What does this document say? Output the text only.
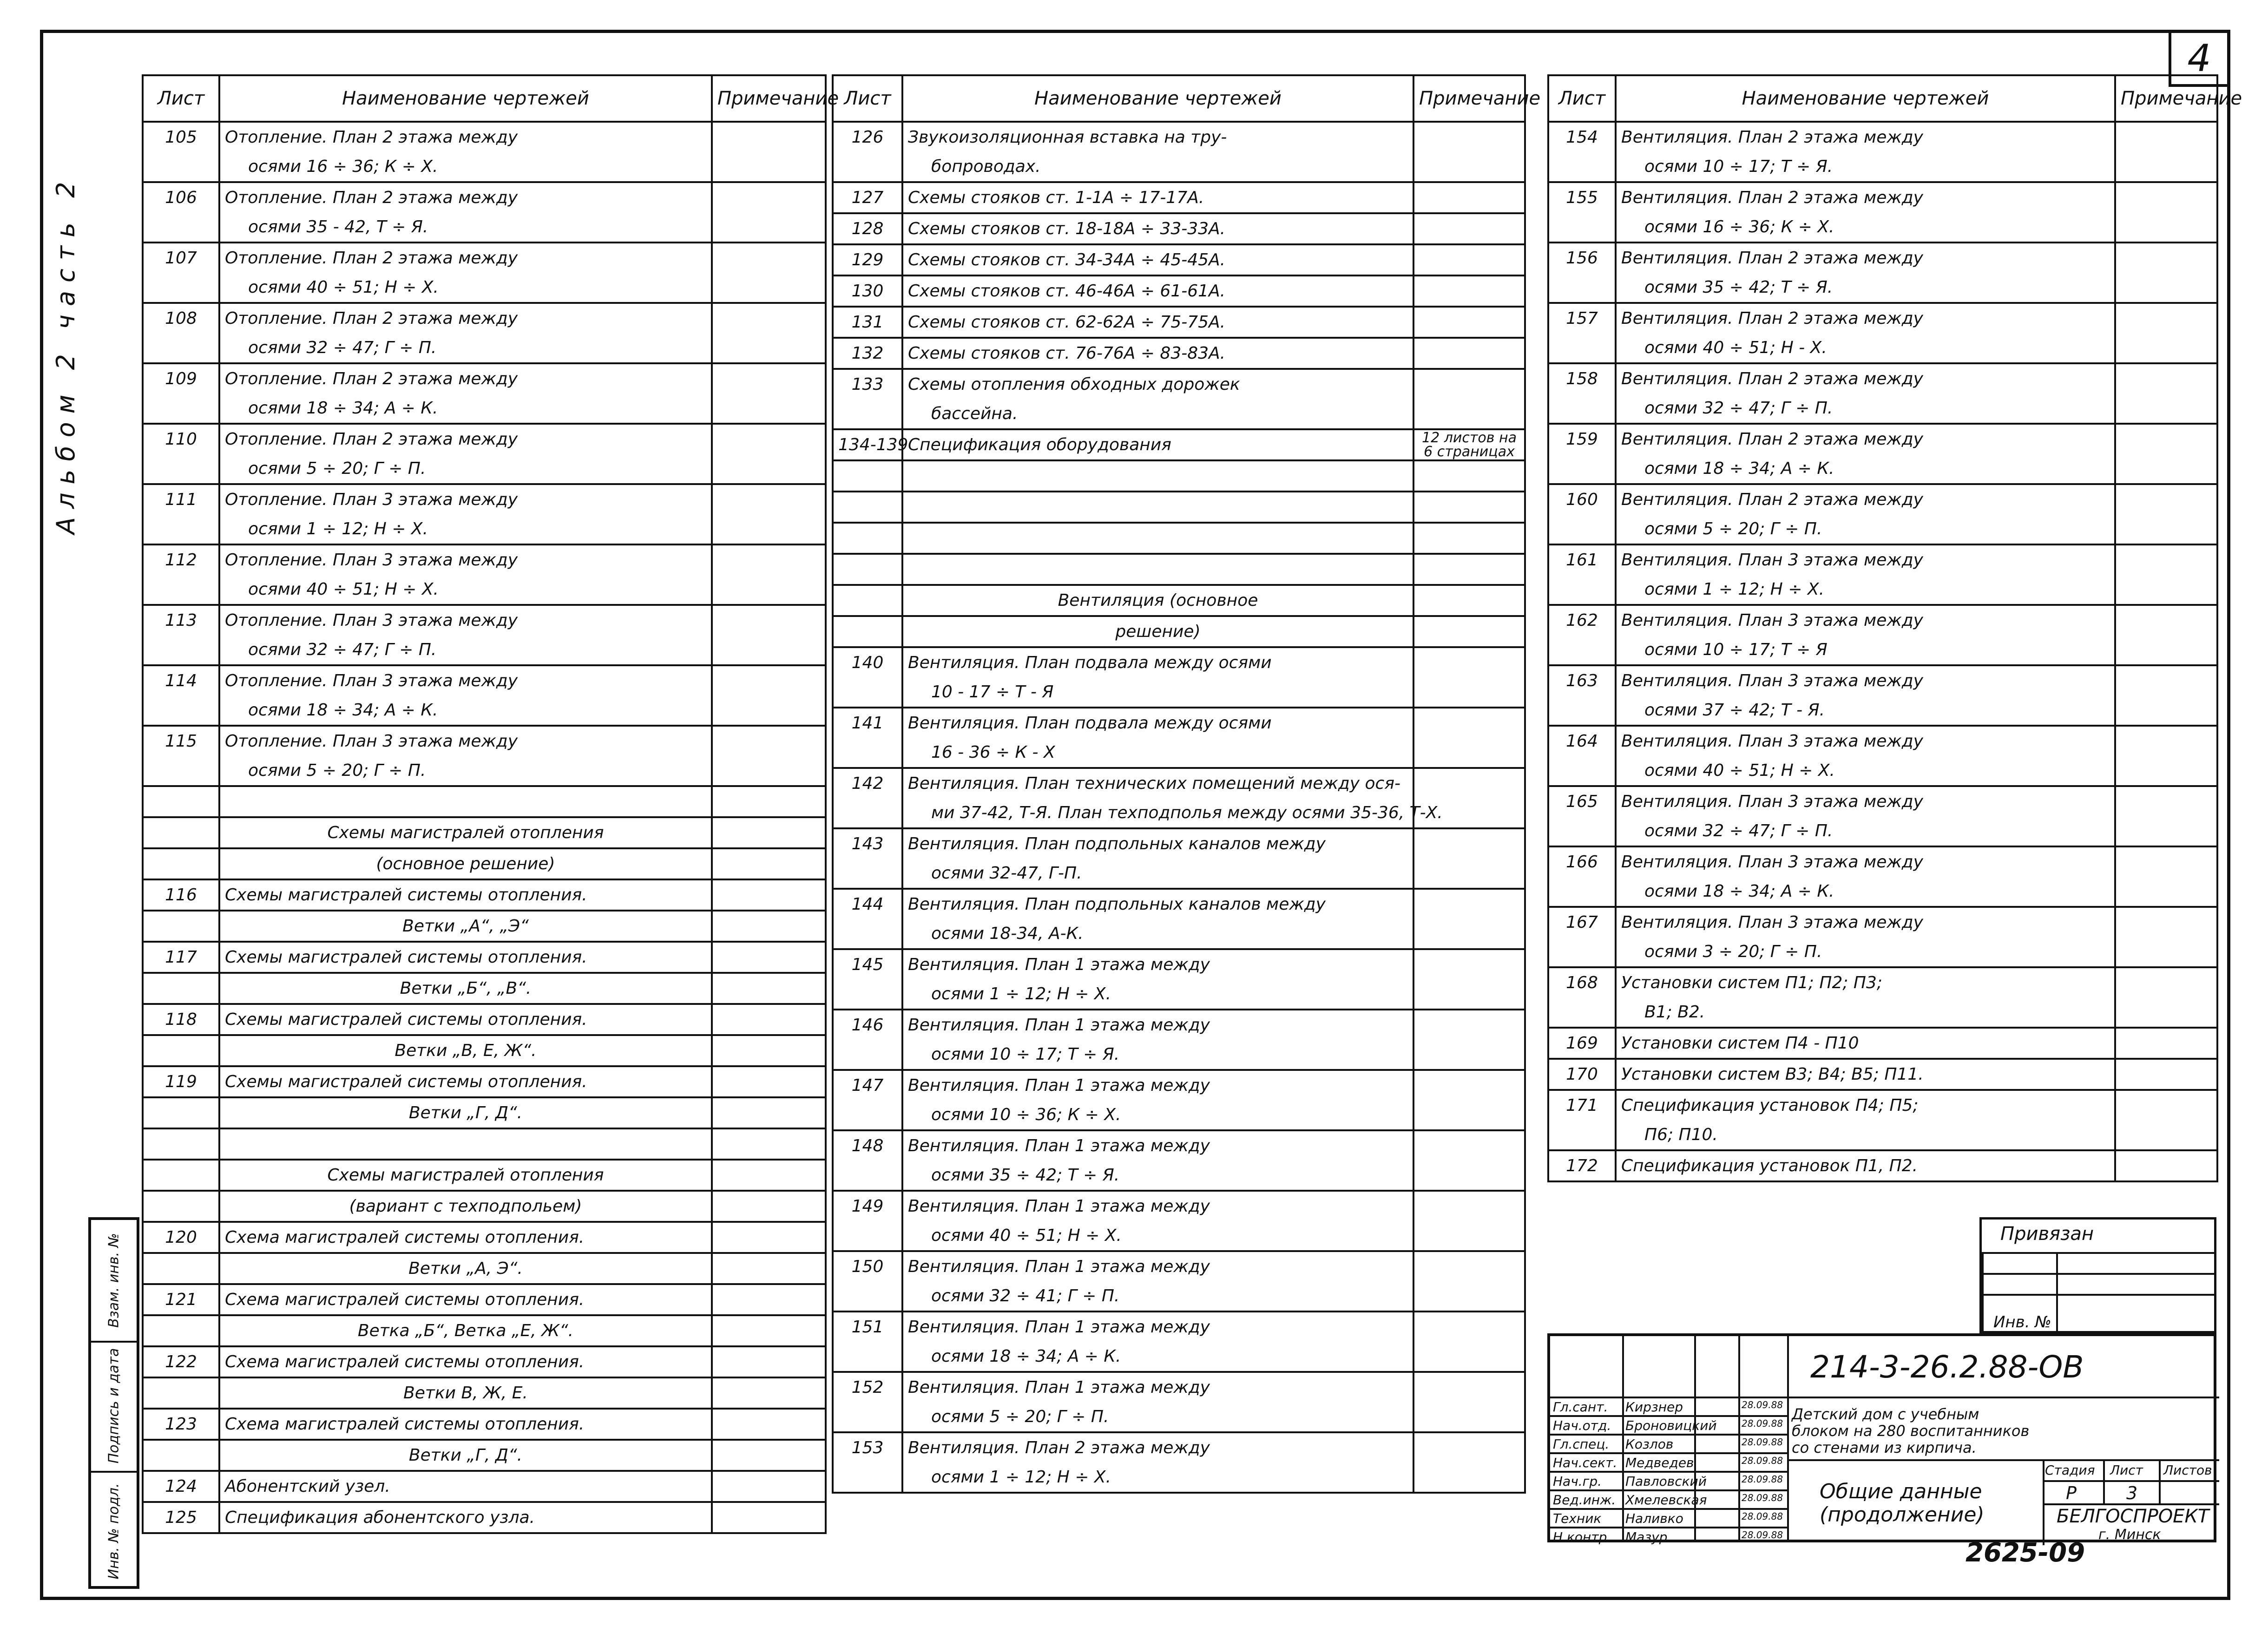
4
Альбом 2 часть 2
Взам. инв. №
Подпись и дата
Инв. № подл.
Лист	Наименование чертежей	Примечание
105	Отопление. План 2 этажа между	
	осями 16 ÷ 36; К ÷ Х.	
106	Отопление. План 2 этажа между	
	осями 35 - 42, Т ÷ Я.	
107	Отопление. План 2 этажа между	
	осями 40 ÷ 51; Н ÷ Х.	
108	Отопление. План 2 этажа между	
	осями 32 ÷ 47; Г ÷ П.	
109	Отопление. План 2 этажа между	
	осями 18 ÷ 34; А ÷ К.	
110	Отопление. План 2 этажа между	
	осями 5 ÷ 20; Г ÷ П.	
111	Отопление. План 3 этажа между	
	осями 1 ÷ 12; Н ÷ Х.	
112	Отопление. План 3 этажа между	
	осями 40 ÷ 51; Н ÷ Х.	
113	Отопление. План 3 этажа между	
	осями 32 ÷ 47; Г ÷ П.	
114	Отопление. План 3 этажа между	
	осями 18 ÷ 34; А ÷ К.	
115	Отопление. План 3 этажа между	
	осями 5 ÷ 20; Г ÷ П.	

	Схемы магистралей отопления	
	(основное решение)	
116	Схемы магистралей системы отопления.	
	Ветки „А“, „Э“	
117	Схемы магистралей системы отопления.	
	Ветки „Б“, „В“.	
118	Схемы магистралей системы отопления.	
	Ветки „В, Е, Ж“.	
119	Схемы магистралей системы отопления.	
	Ветки „Г, Д“.	

	Схемы магистралей отопления	
	(вариант с техподпольем)	
120	Схема магистралей системы отопления.	
	Ветки „А, Э“.	
121	Схема магистралей системы отопления.	
	Ветка „Б“, Ветка „Е, Ж“.	
122	Схема магистралей системы отопления.	
	Ветки В, Ж, Е.	
123	Схема магистралей системы отопления.	
	Ветки „Г, Д“.	
124	Абонентский узел.	
125	Спецификация абонентского узла.	
Лист	Наименование чертежей	Примечание
126	Звукоизоляционная вставка на тру-	
	бопроводах.	
127	Схемы стояков ст. 1-1А ÷ 17-17А.	
128	Схемы стояков ст. 18-18А ÷ 33-33А.	
129	Схемы стояков ст. 34-34А ÷ 45-45А.	
130	Схемы стояков ст. 46-46А ÷ 61-61А.	
131	Схемы стояков ст. 62-62А ÷ 75-75А.	
132	Схемы стояков ст. 76-76А ÷ 83-83А.	
133	Схемы отопления обходных дорожек	
	бассейна.	
134-139	Спецификация оборудования	12 листов на 6 страницах

	Вентиляция (основное	
	решение)	
140	Вентиляция. План подвала между осями	
	10 - 17 ÷ Т - Я	
141	Вентиляция. План подвала между осями	
	16 - 36 ÷ К - Х	
142	Вентиляция. План технических помещений между ося-	
	ми 37-42, Т-Я. План техподполья между осями 35-36, Т-Х.	
143	Вентиляция. План подпольных каналов между	
	осями 32-47, Г-П.	
144	Вентиляция. План подпольных каналов между	
	осями 18-34, А-К.	
145	Вентиляция. План 1 этажа между	
	осями 1 ÷ 12; Н ÷ Х.	
146	Вентиляция. План 1 этажа между	
	осями 10 ÷ 17; Т ÷ Я.	
147	Вентиляция. План 1 этажа между	
	осями 10 ÷ 36; К ÷ Х.	
148	Вентиляция. План 1 этажа между	
	осями 35 ÷ 42; Т ÷ Я.	
149	Вентиляция. План 1 этажа между	
	осями 40 ÷ 51; Н ÷ Х.	
150	Вентиляция. План 1 этажа между	
	осями 32 ÷ 41; Г ÷ П.	
151	Вентиляция. План 1 этажа между	
	осями 18 ÷ 34; А ÷ К.	
152	Вентиляция. План 1 этажа между	
	осями 5 ÷ 20; Г ÷ П.	
153	Вентиляция. План 2 этажа между	
	осями 1 ÷ 12; Н ÷ Х.	
Лист	Наименование чертежей	Примечание
154	Вентиляция. План 2 этажа между	
	осями 10 ÷ 17; Т ÷ Я.	
155	Вентиляция. План 2 этажа между	
	осями 16 ÷ 36; К ÷ Х.	
156	Вентиляция. План 2 этажа между	
	осями 35 ÷ 42; Т ÷ Я.	
157	Вентиляция. План 2 этажа между	
	осями 40 ÷ 51; Н - Х.	
158	Вентиляция. План 2 этажа между	
	осями 32 ÷ 47; Г ÷ П.	
159	Вентиляция. План 2 этажа между	
	осями 18 ÷ 34; А ÷ К.	
160	Вентиляция. План 2 этажа между	
	осями 5 ÷ 20; Г ÷ П.	
161	Вентиляция. План 3 этажа между	
	осями 1 ÷ 12; Н ÷ Х.	
162	Вентиляция. План 3 этажа между	
	осями 10 ÷ 17; Т ÷ Я	
163	Вентиляция. План 3 этажа между	
	осями 37 ÷ 42; Т - Я.	
164	Вентиляция. План 3 этажа между	
	осями 40 ÷ 51; Н ÷ Х.	
165	Вентиляция. План 3 этажа между	
	осями 32 ÷ 47; Г ÷ П.	
166	Вентиляция. План 3 этажа между	
	осями 18 ÷ 34; А ÷ К.	
167	Вентиляция. План 3 этажа между	
	осями 3 ÷ 20; Г ÷ П.	
168	Установки систем П1; П2; П3;	
	В1; В2.	
169	Установки систем П4 - П10	
170	Установки систем В3; В4; В5; П11.	
171	Спецификация установок П4; П5;	
	П6; П10.	
172	Спецификация установок П1, П2.	
Привязан
Инв. №
Гл.сант. Кирзнер	28.09.88
Нач.отд. Броновицкий	28.09.88
Гл.спец. Козлов	28.09.88
Нач.сект. Медведев	28.09.88
Нач.гр. Павловский	28.09.88
Вед.инж. Хмелевская	28.09.88
Техник Наливко	28.09.88
Н.контр. Мазур	28.09.88
214-3-26.2.88-ОВ
Детский дом с учебным блоком на 280 воспитанников со стенами из кирпича.
Общие данные (продолжение)
Стадия Лист Листов
Р	3
БЕЛГОСПРОЕКТ
г. Минск
2625-09
